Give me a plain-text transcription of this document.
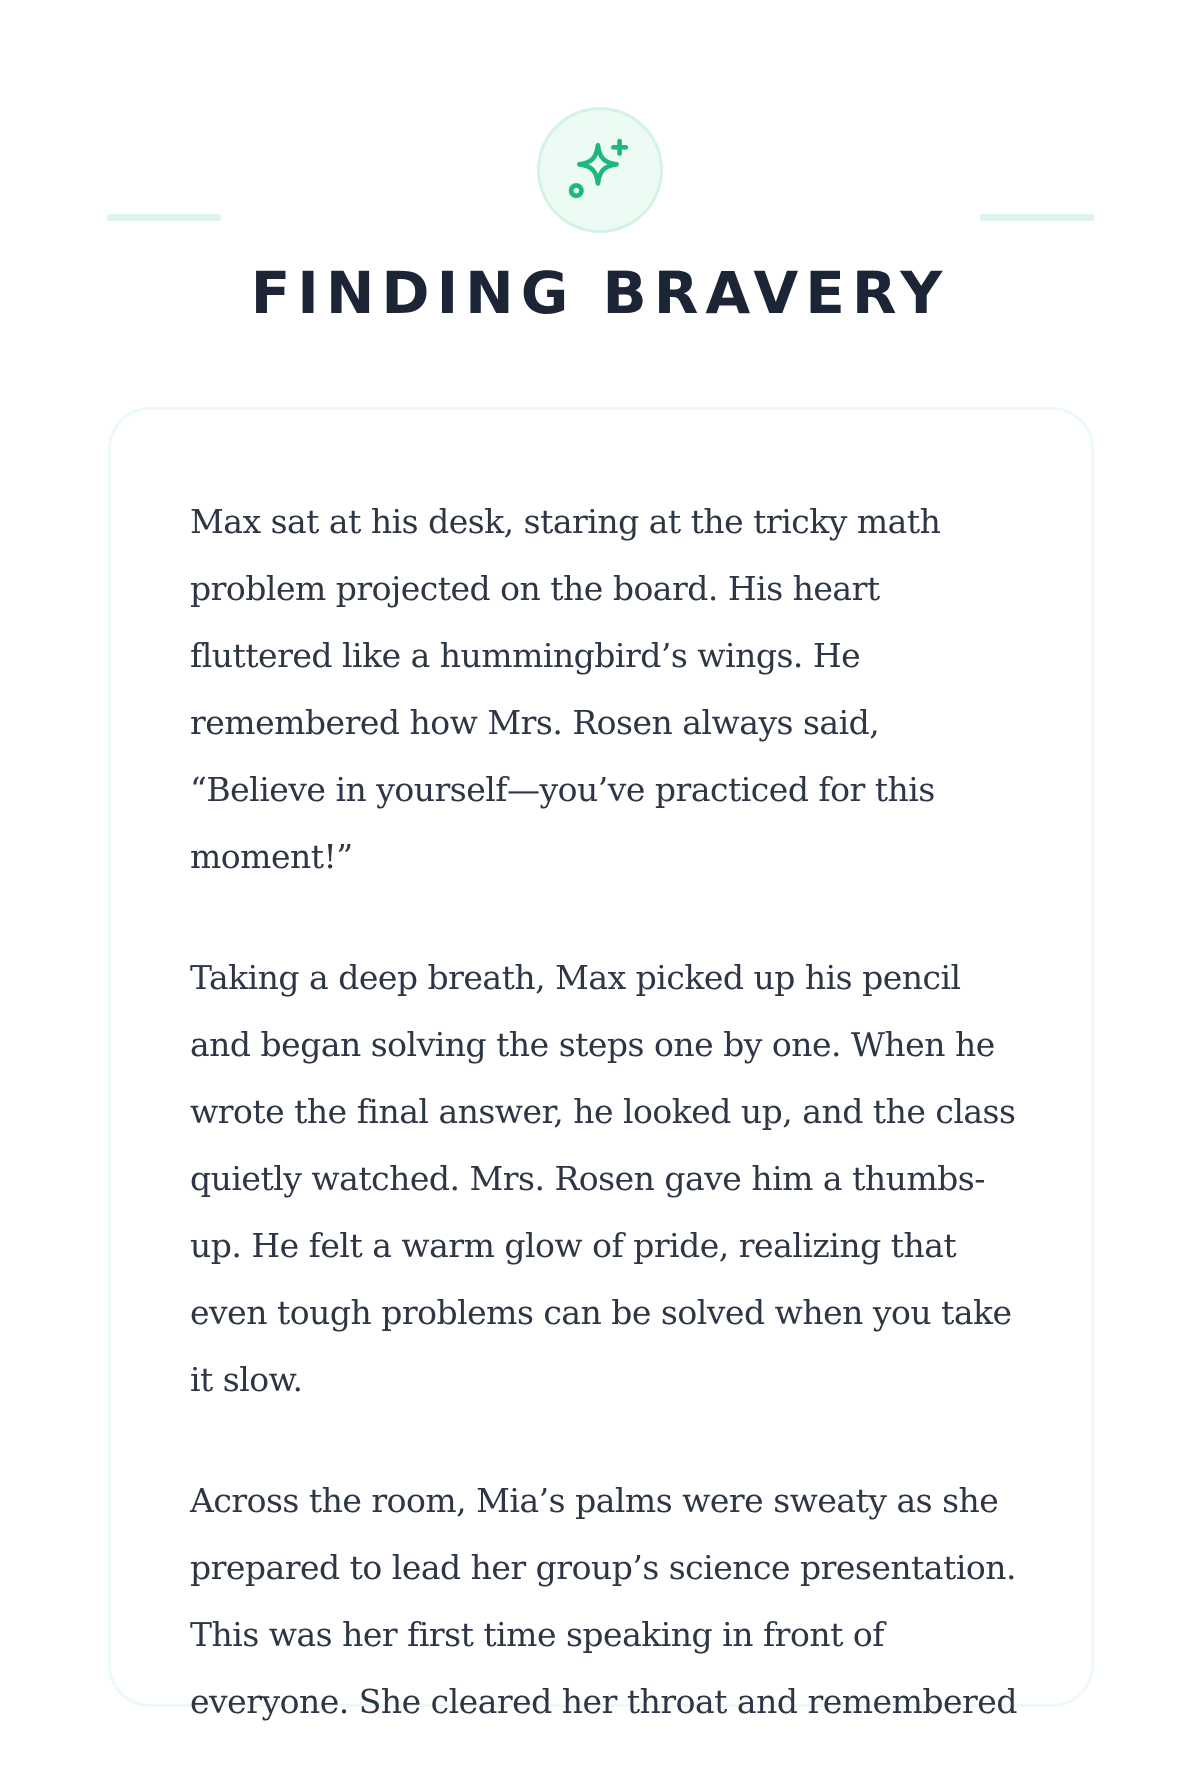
FINDING BRAVERY

Max sat at his desk, staring at the tricky math problem projected on the board. His heart fluttered like a hummingbird’s wings. He remembered how Mrs. Rosen always said, “Believe in yourself—you’ve practiced for this moment!”

Taking a deep breath, Max picked up his pencil and began solving the steps one by one. When he wrote the final answer, he looked up, and the class quietly watched. Mrs. Rosen gave him a thumbs-up. He felt a warm glow of pride, realizing that even tough problems can be solved when you take it slow.

Across the room, Mia’s palms were sweaty as she prepared to lead her group’s science presentation. This was her first time speaking in front of everyone. She cleared her throat and remembered
